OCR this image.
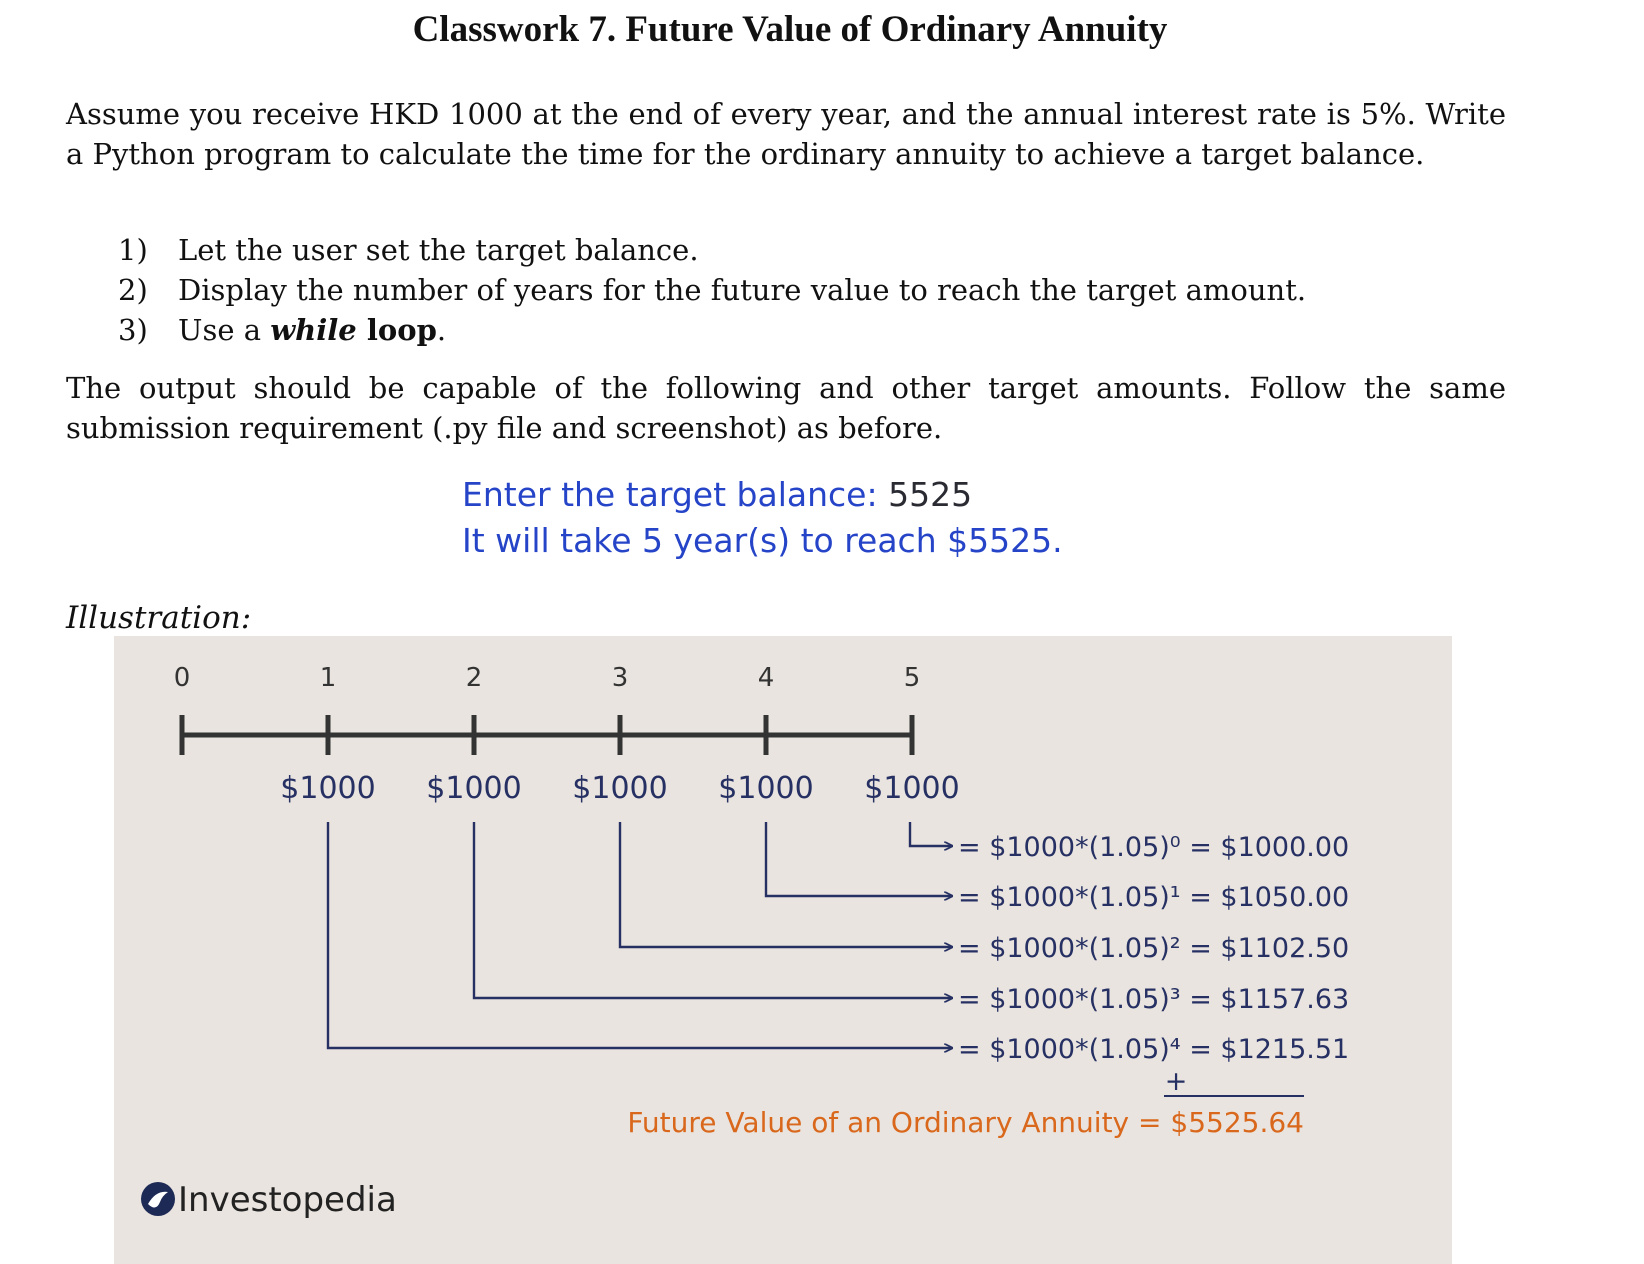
Classwork 7. Future Value of Ordinary Annuity
Assume you receive HKD 1000 at the end of every year, and the annual interest rate is 5%. Write a Python program to calculate the time for the ordinary annuity to achieve a target balance.
1)	Let the user set the target balance.
2)	Display the number of years for the future value to reach the target amount.
3)	Use a while loop.
The output should be capable of the following and other target amounts. Follow the same submission requirement (.py file and screenshot) as before.
Enter the target balance: 5525
It will take 5 year(s) to reach $5525.
Illustration:
0	1	2	3	4	5
$1000 $1000 $1000 $1000 $1000
= $1000*(1.05)⁰ = $1000.00
= $1000*(1.05)¹ = $1050.00
= $1000*(1.05)² = $1102.50
= $1000*(1.05)³ = $1157.63
= $1000*(1.05)⁴ = $1215.51
+
Future Value of an Ordinary Annuity = $5525.64
Investopedia
